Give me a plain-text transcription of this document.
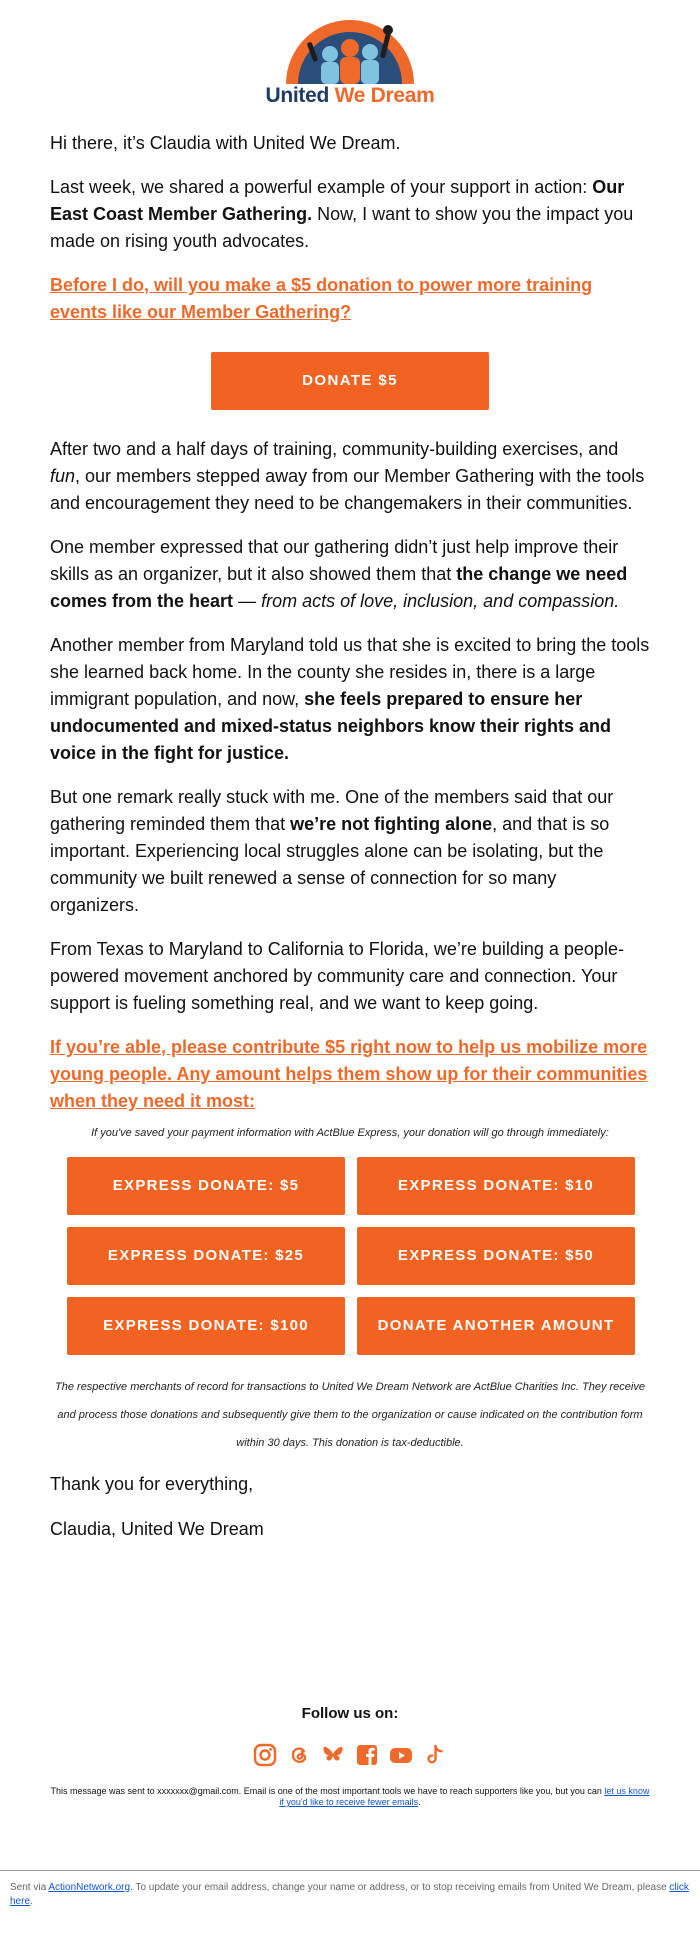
United We Dream

Hi there, it’s Claudia with United We Dream.

Last week, we shared a powerful example of your support in action: Our East Coast Member Gathering. Now, I want to show you the impact you made on rising youth advocates.

Before I do, will you make a $5 donation to power more training events like our Member Gathering?
DONATE $5

After two and a half days of training, community-building exercises, and fun, our members stepped away from our Member Gathering with the tools and encouragement they need to be changemakers in their communities.

One member expressed that our gathering didn’t just help improve their skills as an organizer, but it also showed them that the change we need comes from the heart — from acts of love, inclusion, and compassion.

Another member from Maryland told us that she is excited to bring the tools she learned back home. In the county she resides in, there is a large immigrant population, and now, she feels prepared to ensure her undocumented and mixed-status neighbors know their rights and voice in the fight for justice.

But one remark really stuck with me. One of the members said that our gathering reminded them that we’re not fighting alone, and that is so important. Experiencing local struggles alone can be isolating, but the community we built renewed a sense of connection for so many organizers.

From Texas to Maryland to California to Florida, we’re building a people-powered movement anchored by community care and connection. Your support is fueling something real, and we want to keep going.

If you’re able, please contribute $5 right now to help us mobilize more young people. Any amount helps them show up for their communities when they need it most:

If you've saved your payment information with ActBlue Express, your donation will go through immediately:

EXPRESS DONATE: $5	EXPRESS DONATE: $10
EXPRESS DONATE: $25	EXPRESS DONATE: $50
EXPRESS DONATE: $100	DONATE ANOTHER AMOUNT

The respective merchants of record for transactions to United We Dream Network are ActBlue Charities Inc. They receive and process those donations and subsequently give them to the organization or cause indicated on the contribution form within 30 days. This donation is tax-deductible.

Thank you for everything,

Claudia, United We Dream

Follow us on:
This message was sent to xxxxxxx@gmail.com. Email is one of the most important tools we have to reach supporters like you, but you can let us know if you'd like to receive fewer emails.
Sent via ActionNetwork.org. To update your email address, change your name or address, or to stop receiving emails from United We Dream, please click here.
